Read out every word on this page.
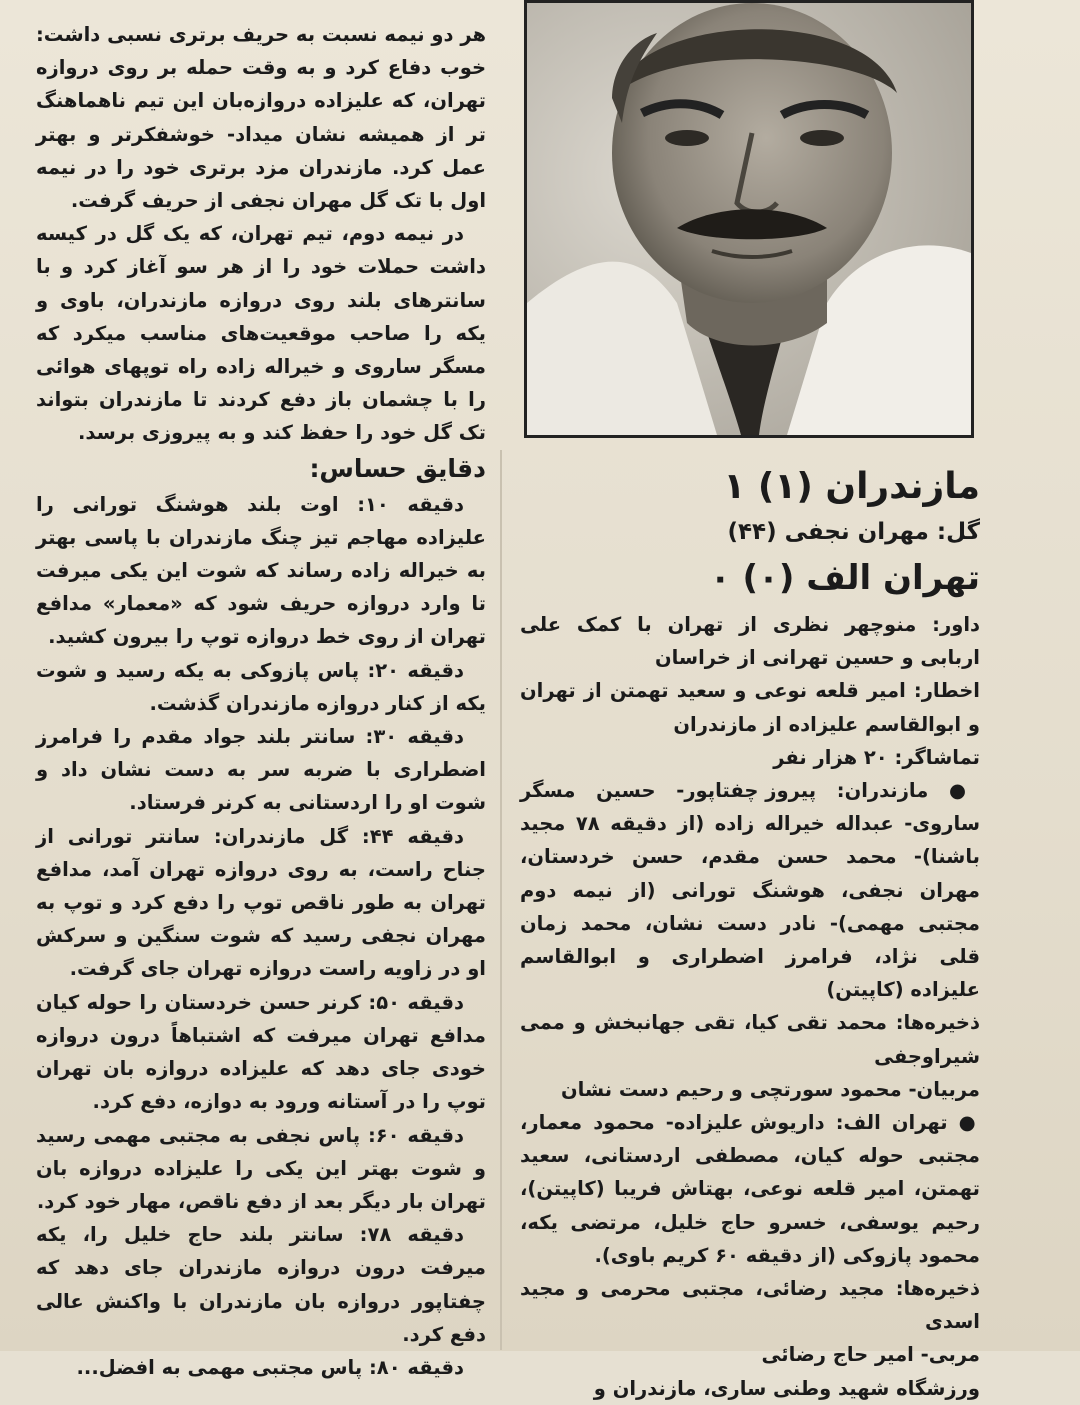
هر دو نیمه نسبت به حریف برتری نسبی داشت: خوب دفاع کرد و به وقت حمله بر روی دروازه تهران، که علیزاده دروازه‌بان این تیم ناهماهنگ تر از همیشه نشان میداد- خوشفکرتر و بهتر عمل کرد. مازندران مزد برتری خود را در نیمه اول با تک گل مهران نجفی از حریف گرفت.

در نیمه دوم، تیم تهران، که یک گل در کیسه داشت حملات خود را از هر سو آغاز کرد و با سانترهای بلند روی دروازه مازندران، باوی و یکه را صاحب موقعیت‌های مناسب میکرد که مسگر ساروی و خیراله زاده راه توپهای هوائی را با چشمان باز دفع کردند تا مازندران بتواند تک گل خود را حفظ کند و به پیروزی برسد.

دقایق حساس:

دقیقه ۱۰: اوت بلند هوشنگ تورانی را علیزاده مهاجم تیز چنگ مازندران با پاسی بهتر به خیراله زاده رساند که شوت این یکی میرفت تا وارد دروازه حریف شود که «معمار» مدافع تهران از روی خط دروازه توپ را بیرون کشید.

دقیقه ۲۰: پاس پازوکی به یکه رسید و شوت یکه از کنار دروازه مازندران گذشت.

دقیقه ۳۰: سانتر بلند جواد مقدم را فرامرز اضطراری با ضربه سر به دست نشان داد و شوت او را اردستانی به کرنر فرستاد.

دقیقه ۴۴: گل مازندران: سانتر تورانی از جناح راست، به روی دروازه تهران آمد، مدافع تهران به طور ناقص توپ را دفع کرد و توپ به مهران نجفی رسید که شوت سنگین و سرکش او در زاویه راست دروازه تهران جای گرفت.

دقیقه ۵۰: کرنر حسن خردستان را حوله کیان مدافع تهران میرفت که اشتباهاً درون دروازه خودی جای دهد که علیزاده دروازه بان تهران توپ را در آستانه ورود به دوازه، دفع کرد.

دقیقه ۶۰: پاس نجفی به مجتبی مهمی رسید و شوت بهتر این یکی را علیزاده دروازه بان تهران بار دیگر بعد از دفع ناقص، مهار خود کرد.

دقیقه ۷۸: سانتر بلند حاج خلیل را، یکه میرفت درون دروازه مازندران جای دهد که چفتاپور دروازه بان مازندران با واکنش عالی دفع کرد.

دقیقه ۸۰: پاس مجتبی مهمی به افضل...

مازندران (۱) ۱

گل: مهران نجفی (۴۴)

تهران الف (۰) ۰

داور: منوچهر نظری از تهران با کمک علی اربابی و حسین تهرانی از خراسان

اخطار: امیر قلعه نوعی و سعید تهمتن از تهران و ابوالقاسم علیزاده از مازندران

تماشاگر: ۲۰ هزار نفر

● مازندران: پیروز چفتاپور- حسین مسگر ساروی- عبداله خیراله زاده (از دقیقه ۷۸ مجید باشنا)- محمد حسن مقدم، حسن خردستان، مهران نجفی، هوشنگ تورانی (از نیمه دوم مجتبی مهمی)- نادر دست نشان، محمد زمان قلی نژاد، فرامرز اضطراری و ابوالقاسم علیزاده (کاپیتن)

ذخیره‌ها: محمد تقی کیا، تقی جهانبخش و ممی شیراوجفی

مربیان- محمود سورتچی و رحیم دست نشان

● تهران الف: داریوش علیزاده- محمود معمار، مجتبی حوله کیان، مصطفی اردستانی، سعید تهمتن، امیر قلعه نوعی، بهتاش فریبا (کاپیتن)، رحیم یوسفی، خسرو حاج خلیل، مرتضی یکه، محمود پازوکی (از دقیقه ۶۰ کریم باوی).

ذخیره‌ها: مجید رضائی، مجتبی محرمی و مجید اسدی

مربی- امیر حاج رضائی

ورزشگاه شهید وطنی ساری، مازندران و
